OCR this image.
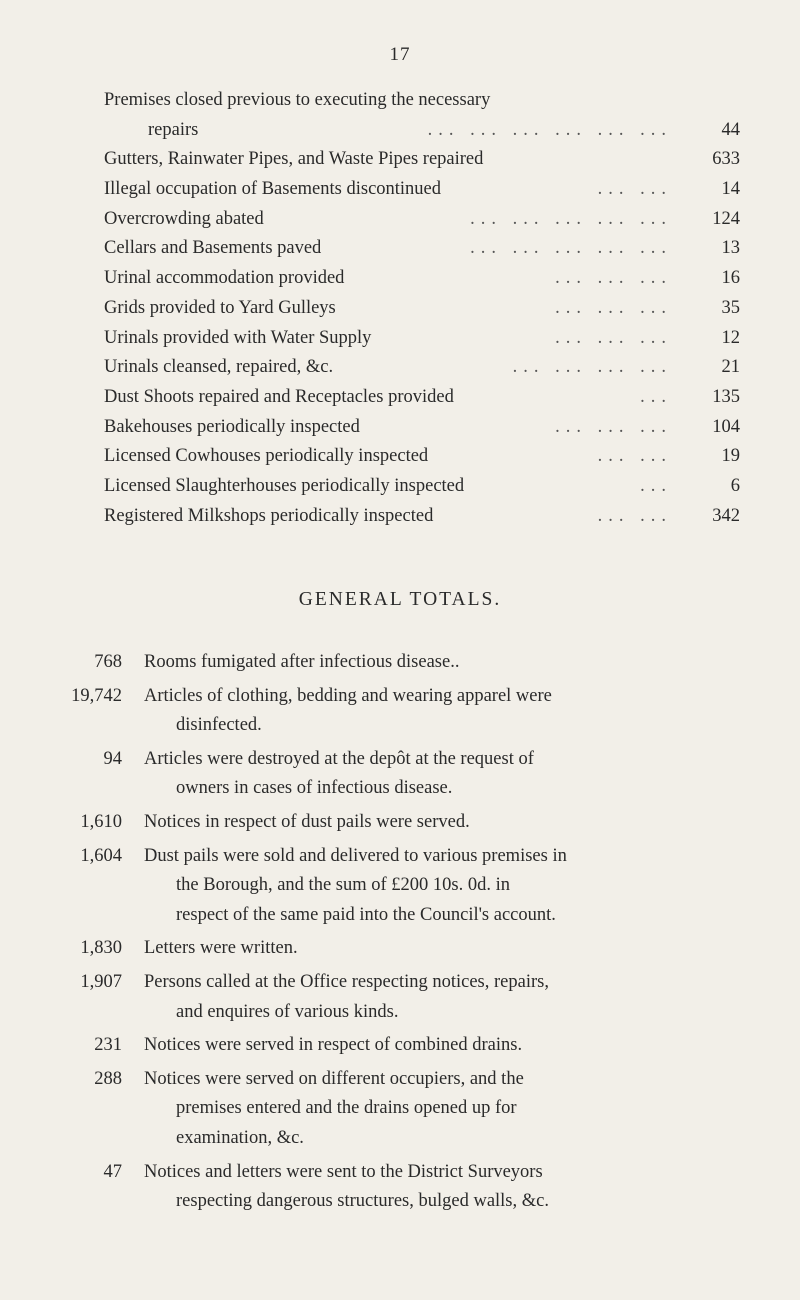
17
Premises closed previous to executing the necessary
repairs	... ... ... ... ... ...	44
Gutters, Rainwater Pipes, and Waste Pipes repaired	633
Illegal occupation of Basements discontinued	... ...	14
Overcrowding abated	... ... ... ... ...	124
Cellars and Basements paved	... ... ... ... ...	13
Urinal accommodation provided	... ... ...	16
Grids provided to Yard Gulleys	... ... ...	35
Urinals provided with Water Supply	... ... ...	12
Urinals cleansed, repaired, &c.	... ... ... ...	21
Dust Shoots repaired and Receptacles provided	...	135
Bakehouses periodically inspected	... ... ...	104
Licensed Cowhouses periodically inspected	... ...	19
Licensed Slaughterhouses periodically inspected	...	6
Registered Milkshops periodically inspected	... ...	342
GENERAL TOTALS.
768 Rooms fumigated after infectious disease..
19,742 Articles of clothing, bedding and wearing apparel were
disinfected.
94 Articles were destroyed at the depôt at the request of
owners in cases of infectious disease.
1,610 Notices in respect of dust pails were served.
1,604 Dust pails were sold and delivered to various premises in
the Borough, and the sum of £200 10s. 0d. in
respect of the same paid into the Council's account.
1,830 Letters were written.
1,907 Persons called at the Office respecting notices, repairs,
and enquires of various kinds.
231 Notices were served in respect of combined drains.
288 Notices were served on different occupiers, and the
premises entered and the drains opened up for
examination, &c.
47 Notices and letters were sent to the District Surveyors
respecting dangerous structures, bulged walls, &c.
